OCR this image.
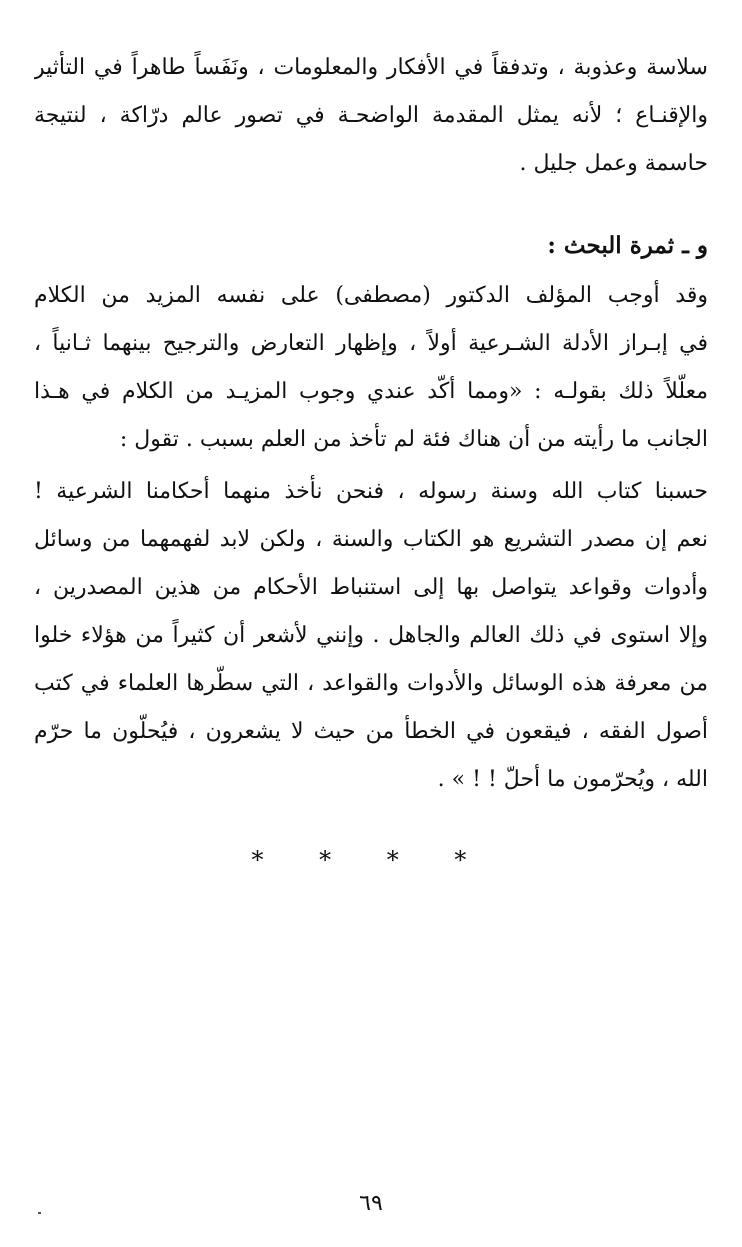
سلاسة وعذوبة ، وتدفقاً في الأفكار والمعلومات ، ونَفَساً طاهراً في التأثير
والإقنـاع ؛ لأنه يمثل المقدمة الواضحـة في تصور عالم درّاكة ، لنتيجة
حاسمة وعمل جليل .
و ـ ثمرة البحث :
وقد أوجب المؤلف الدكتور (مصطفى) على نفسه المزيد من الكلام
في إبـراز الأدلة الشـرعية أولاً ، وإظهار التعارض والترجيح بينهما ثـانياً ،
معلّلاً ذلك بقولـه : «ومما أكّد عندي وجوب المزيـد من الكلام في هـذا
الجانب ما رأيته من أن هناك فئة لم تأخذ من العلم بسبب . تقول :
حسبنا كتاب الله وسنة رسوله ، فنحن نأخذ منهما أحكامنا الشرعية !
نعم إن مصدر التشريع هو الكتاب والسنة ، ولكن لابد لفهمهما من وسائل
وأدوات وقواعد يتواصل بها إلى استنباط الأحكام من هذين المصدرين ،
وإلا استوى في ذلك العالم والجاهل . وإنني لأشعر أن كثيراً من هؤلاء خلوا
من معرفة هذه الوسائل والأدوات والقواعد ، التي سطّرها العلماء في كتب
أصول الفقه ، فيقعون في الخطأ من حيث لا يشعرون ، فيُحلّون ما حرّم
الله ، ويُحرّمون ما أحلّ ! ! » .
* * * *
٦٩
